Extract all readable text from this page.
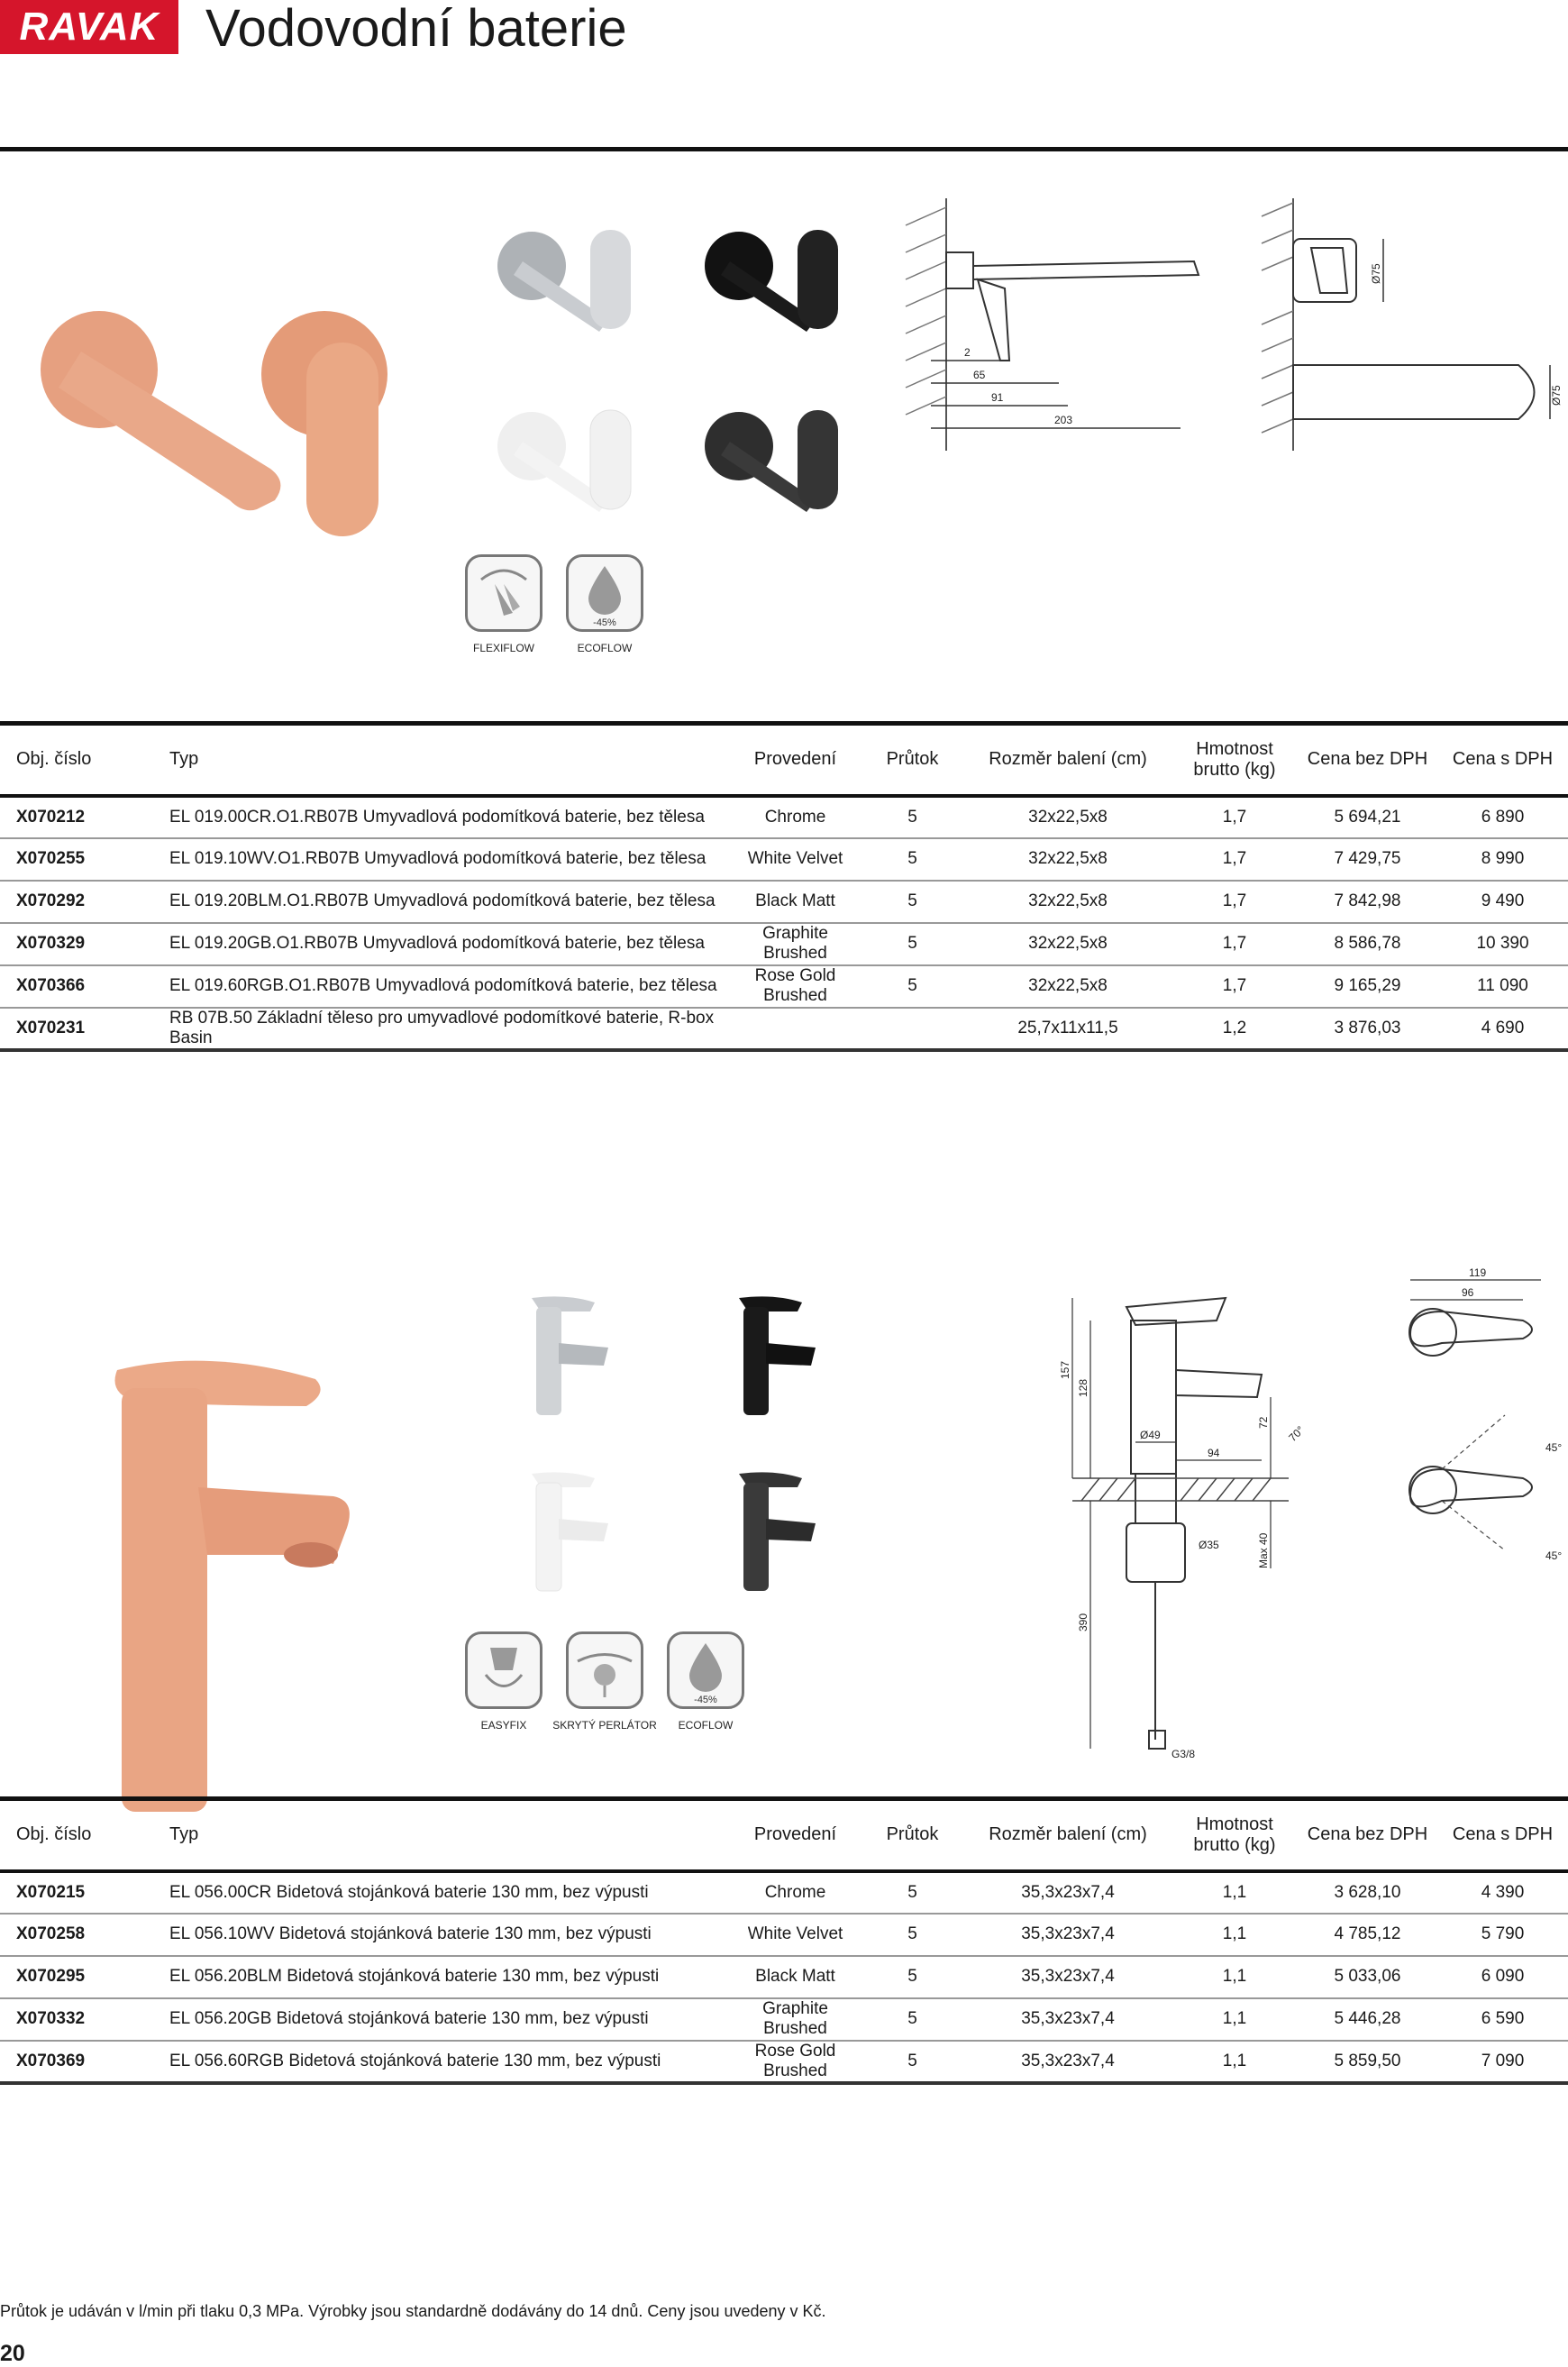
RAVAK Vodovodní baterie
2
65
91
203
Ø75
Ø75
FLEXIFLOW
-45%
ECOFLOW
Obj. číslo	Typ	Provedení	Průtok	Rozměr balení (cm)	Hmotnost brutto (kg)	Cena bez DPH	Cena s DPH
X070212	EL 019.00CR.O1.RB07B Umyvadlová podomítková baterie, bez tělesa	Chrome	5	32x22,5x8	1,7	5 694,21	6 890
X070255	EL 019.10WV.O1.RB07B Umyvadlová podomítková baterie, bez tělesa	White Velvet	5	32x22,5x8	1,7	7 429,75	8 990
X070292	EL 019.20BLM.O1.RB07B Umyvadlová podomítková baterie, bez tělesa	Black Matt	5	32x22,5x8	1,7	7 842,98	9 490
X070329	EL 019.20GB.O1.RB07B Umyvadlová podomítková baterie, bez tělesa	Graphite Brushed	5	32x22,5x8	1,7	8 586,78	10 390
X070366	EL 019.60RGB.O1.RB07B Umyvadlová podomítková baterie, bez tělesa	Rose Gold Brushed	5	32x22,5x8	1,7	9 165,29	11 090
X070231	RB 07B.50 Základní těleso pro umyvadlové podomítkové baterie, R-box Basin			25,7x11x11,5	1,2	3 876,03	4 690
157
128
Ø49
94
70°
72
Ø35	Max 40
390
G3/8
119
96
45°
45°
EASYFIX	SKRYTÝ PERLÁTOR
-45%
ECOFLOW
Obj. číslo	Typ	Provedení	Průtok	Rozměr balení (cm)	Hmotnost brutto (kg)	Cena bez DPH	Cena s DPH
X070215	EL 056.00CR Bidetová stojánková baterie 130 mm, bez výpusti	Chrome	5	35,3x23x7,4	1,1	3 628,10	4 390
X070258	EL 056.10WV Bidetová stojánková baterie 130 mm, bez výpusti	White Velvet	5	35,3x23x7,4	1,1	4 785,12	5 790
X070295	EL 056.20BLM Bidetová stojánková baterie 130 mm, bez výpusti	Black Matt	5	35,3x23x7,4	1,1	5 033,06	6 090
X070332	EL 056.20GB Bidetová stojánková baterie 130 mm, bez výpusti	Graphite Brushed	5	35,3x23x7,4	1,1	5 446,28	6 590
X070369	EL 056.60RGB Bidetová stojánková baterie 130 mm, bez výpusti	Rose Gold Brushed	5	35,3x23x7,4	1,1	5 859,50	7 090
Průtok je udáván v l/min při tlaku 0,3 MPa. Výrobky jsou standardně dodávány do 14 dnů. Ceny jsou uvedeny v Kč.
20
